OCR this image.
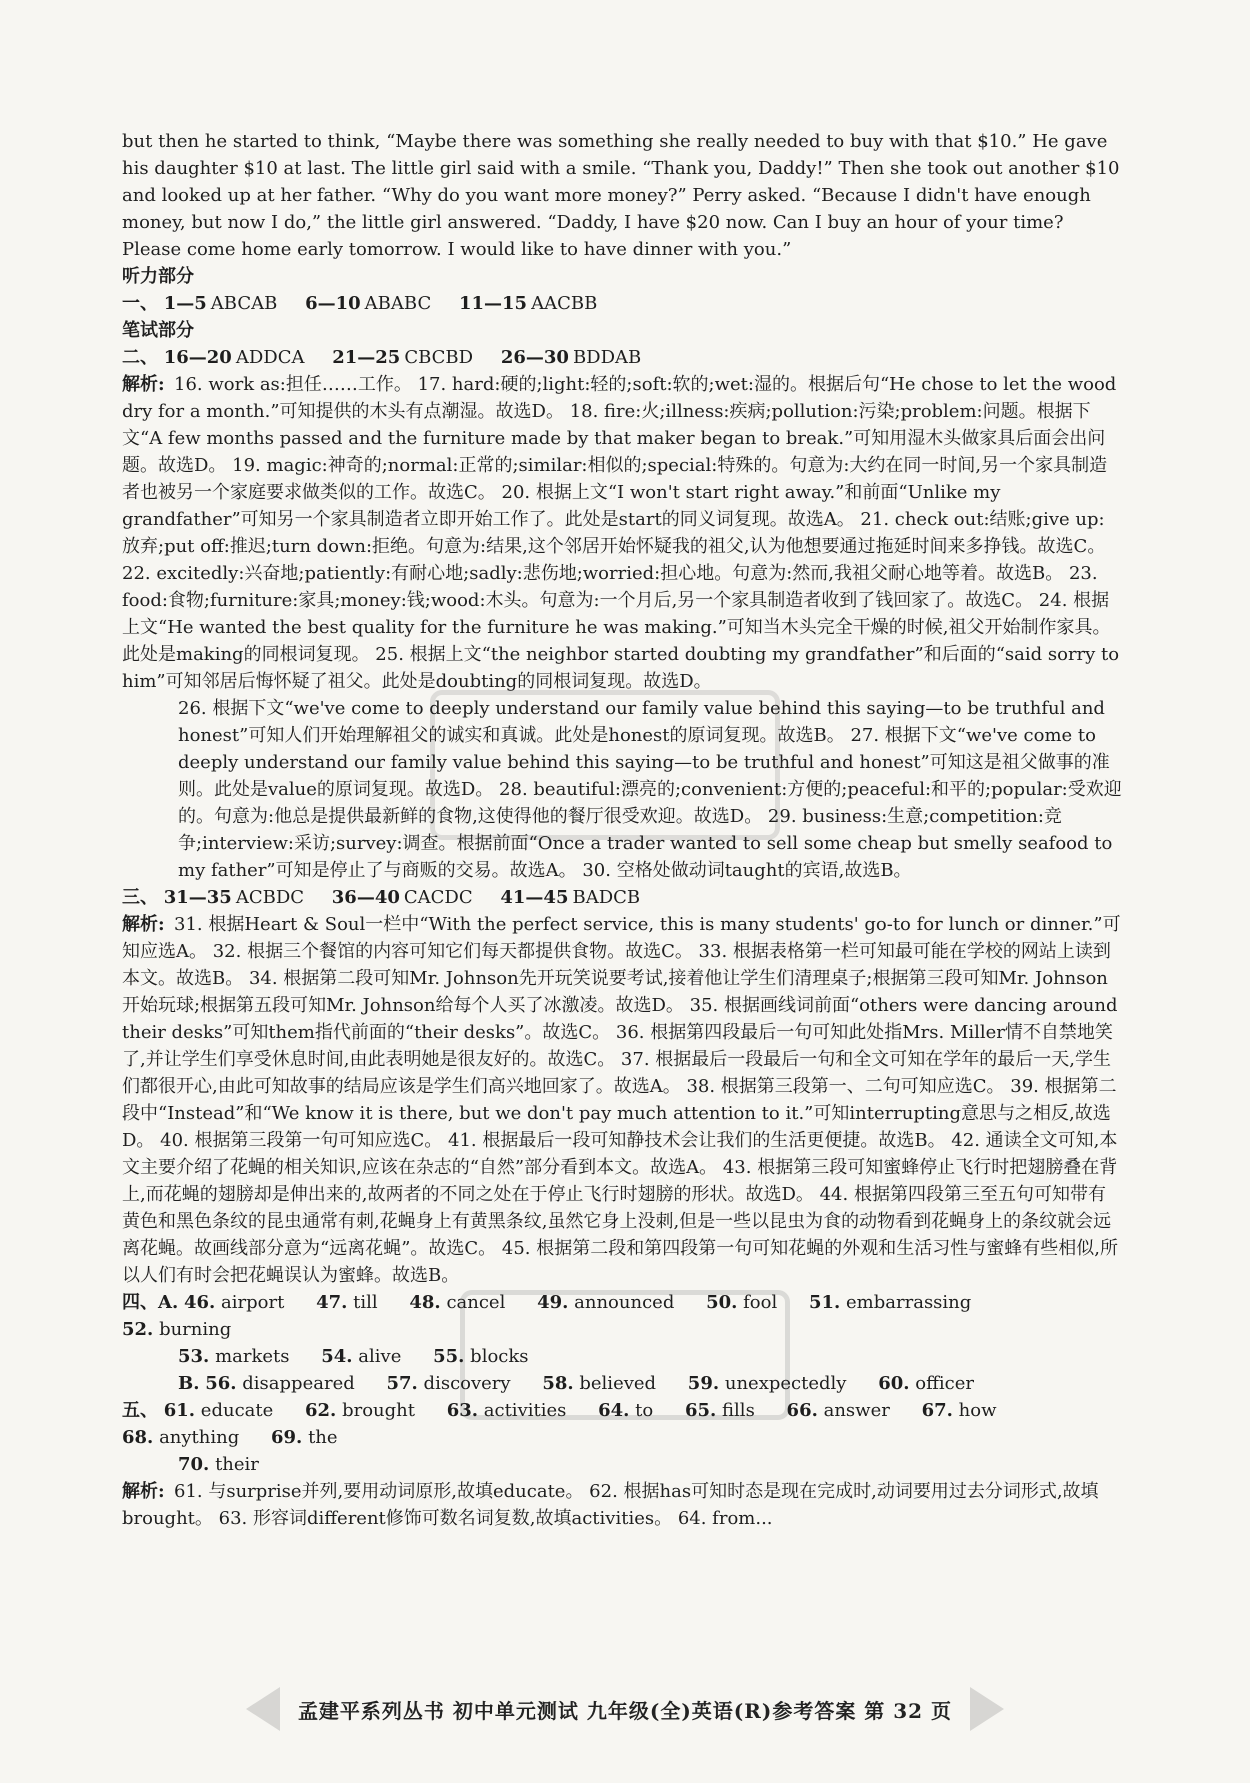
but then he started to think, “Maybe there was something she really needed to buy with that $10.” He gave his daughter $10 at last. The little girl said with a smile. “Thank you, Daddy!” Then she took out another $10 and looked up at her father. “Why do you want more money?” Perry asked. “Because I didn't have enough money, but now I do,” the little girl answered. “Daddy, I have $20 now. Can I buy an hour of your time? Please come home early tomorrow. I would like to have dinner with you.”

听力部分
一、 1—5 ABCAB 6—10 ABABC 11—15 AACBB
笔试部分
二、 16—20 ADDCA 21—25 CBCBD 26—30 BDDAB

解析: 16. work as:担任……工作。 17. hard:硬的;light:轻的;soft:软的;wet:湿的。根据后句“He chose to let the wood dry for a month.”可知提供的木头有点潮湿。故选D。 18. fire:火;illness:疾病;pollution:污染;problem:问题。根据下文“A few months passed and the furniture made by that maker began to break.”可知用湿木头做家具后面会出问题。故选D。 19. magic:神奇的;normal:正常的;similar:相似的;special:特殊的。句意为:大约在同一时间,另一个家具制造者也被另一个家庭要求做类似的工作。故选C。 20. 根据上文“I won't start right away.”和前面“Unlike my grandfather”可知另一个家具制造者立即开始工作了。此处是start的同义词复现。故选A。 21. check out:结账;give up:放弃;put off:推迟;turn down:拒绝。句意为:结果,这个邻居开始怀疑我的祖父,认为他想要通过拖延时间来多挣钱。故选C。 22. excitedly:兴奋地;patiently:有耐心地;sadly:悲伤地;worried:担心地。句意为:然而,我祖父耐心地等着。故选B。 23. food:食物;furniture:家具;money:钱;wood:木头。句意为:一个月后,另一个家具制造者收到了钱回家了。故选C。 24. 根据上文“He wanted the best quality for the furniture he was making.”可知当木头完全干燥的时候,祖父开始制作家具。此处是making的同根词复现。 25. 根据上文“the neighbor started doubting my grandfather”和后面的“said sorry to him”可知邻居后悔怀疑了祖父。此处是doubting的同根词复现。故选D。

26. 根据下文“we've come to deeply understand our family value behind this saying—to be truthful and honest”可知人们开始理解祖父的诚实和真诚。此处是honest的原词复现。故选B。 27. 根据下文“we've come to deeply understand our family value behind this saying—to be truthful and honest”可知这是祖父做事的准则。此处是value的原词复现。故选D。 28. beautiful:漂亮的;convenient:方便的;peaceful:和平的;popular:受欢迎的。句意为:他总是提供最新鲜的食物,这使得他的餐厅很受欢迎。故选D。 29. business:生意;competition:竞争;interview:采访;survey:调查。根据前面“Once a trader wanted to sell some cheap but smelly seafood to my father”可知是停止了与商贩的交易。故选A。 30. 空格处做动词taught的宾语,故选B。

三、 31—35 ACBDC 36—40 CACDC 41—45 BADCB

解析: 31. 根据Heart & Soul一栏中“With the perfect service, this is many students' go-to for lunch or dinner.”可知应选A。 32. 根据三个餐馆的内容可知它们每天都提供食物。故选C。 33. 根据表格第一栏可知最可能在学校的网站上读到本文。故选B。 34. 根据第二段可知Mr. Johnson先开玩笑说要考试,接着他让学生们清理桌子;根据第三段可知Mr. Johnson开始玩球;根据第五段可知Mr. Johnson给每个人买了冰激凌。故选D。 35. 根据画线词前面“others were dancing around their desks”可知them指代前面的“their desks”。故选C。 36. 根据第四段最后一句可知此处指Mrs. Miller情不自禁地笑了,并让学生们享受休息时间,由此表明她是很友好的。故选C。 37. 根据最后一段最后一句和全文可知在学年的最后一天,学生们都很开心,由此可知故事的结局应该是学生们高兴地回家了。故选A。 38. 根据第三段第一、二句可知应选C。 39. 根据第二段中“Instead”和“We know it is there, but we don't pay much attention to it.”可知interrupting意思与之相反,故选D。 40. 根据第三段第一句可知应选C。 41. 根据最后一段可知静技术会让我们的生活更便捷。故选B。 42. 通读全文可知,本文主要介绍了花蝇的相关知识,应该在杂志的“自然”部分看到本文。故选A。 43. 根据第三段可知蜜蜂停止飞行时把翅膀叠在背上,而花蝇的翅膀却是伸出来的,故两者的不同之处在于停止飞行时翅膀的形状。故选D。 44. 根据第四段第三至五句可知带有黄色和黑色条纹的昆虫通常有刺,花蝇身上有黄黑条纹,虽然它身上没刺,但是一些以昆虫为食的动物看到花蝇身上的条纹就会远离花蝇。故画线部分意为“远离花蝇”。故选C。 45. 根据第二段和第四段第一句可知花蝇的外观和生活习性与蜜蜂有些相似,所以人们有时会把花蝇误认为蜜蜂。故选B。

四、A. 46. airport 47. till 48. cancel 49. announced 50. fool 51. embarrassing 52. burning
53. markets 54. alive 55. blocks
B. 56. disappeared 57. discovery 58. believed 59. unexpectedly 60. officer
五、 61. educate 62. brought 63. activities 64. to 65. fills 66. answer 67. how 68. anything 69. the
70. their

解析: 61. 与surprise并列,要用动词原形,故填educate。 62. 根据has可知时态是现在完成时,动词要用过去分词形式,故填brought。 63. 形容词different修饰可数名词复数,故填activities。 64. from...

孟建平系列丛书 初中单元测试 九年级(全)英语(R)参考答案 第 32 页
